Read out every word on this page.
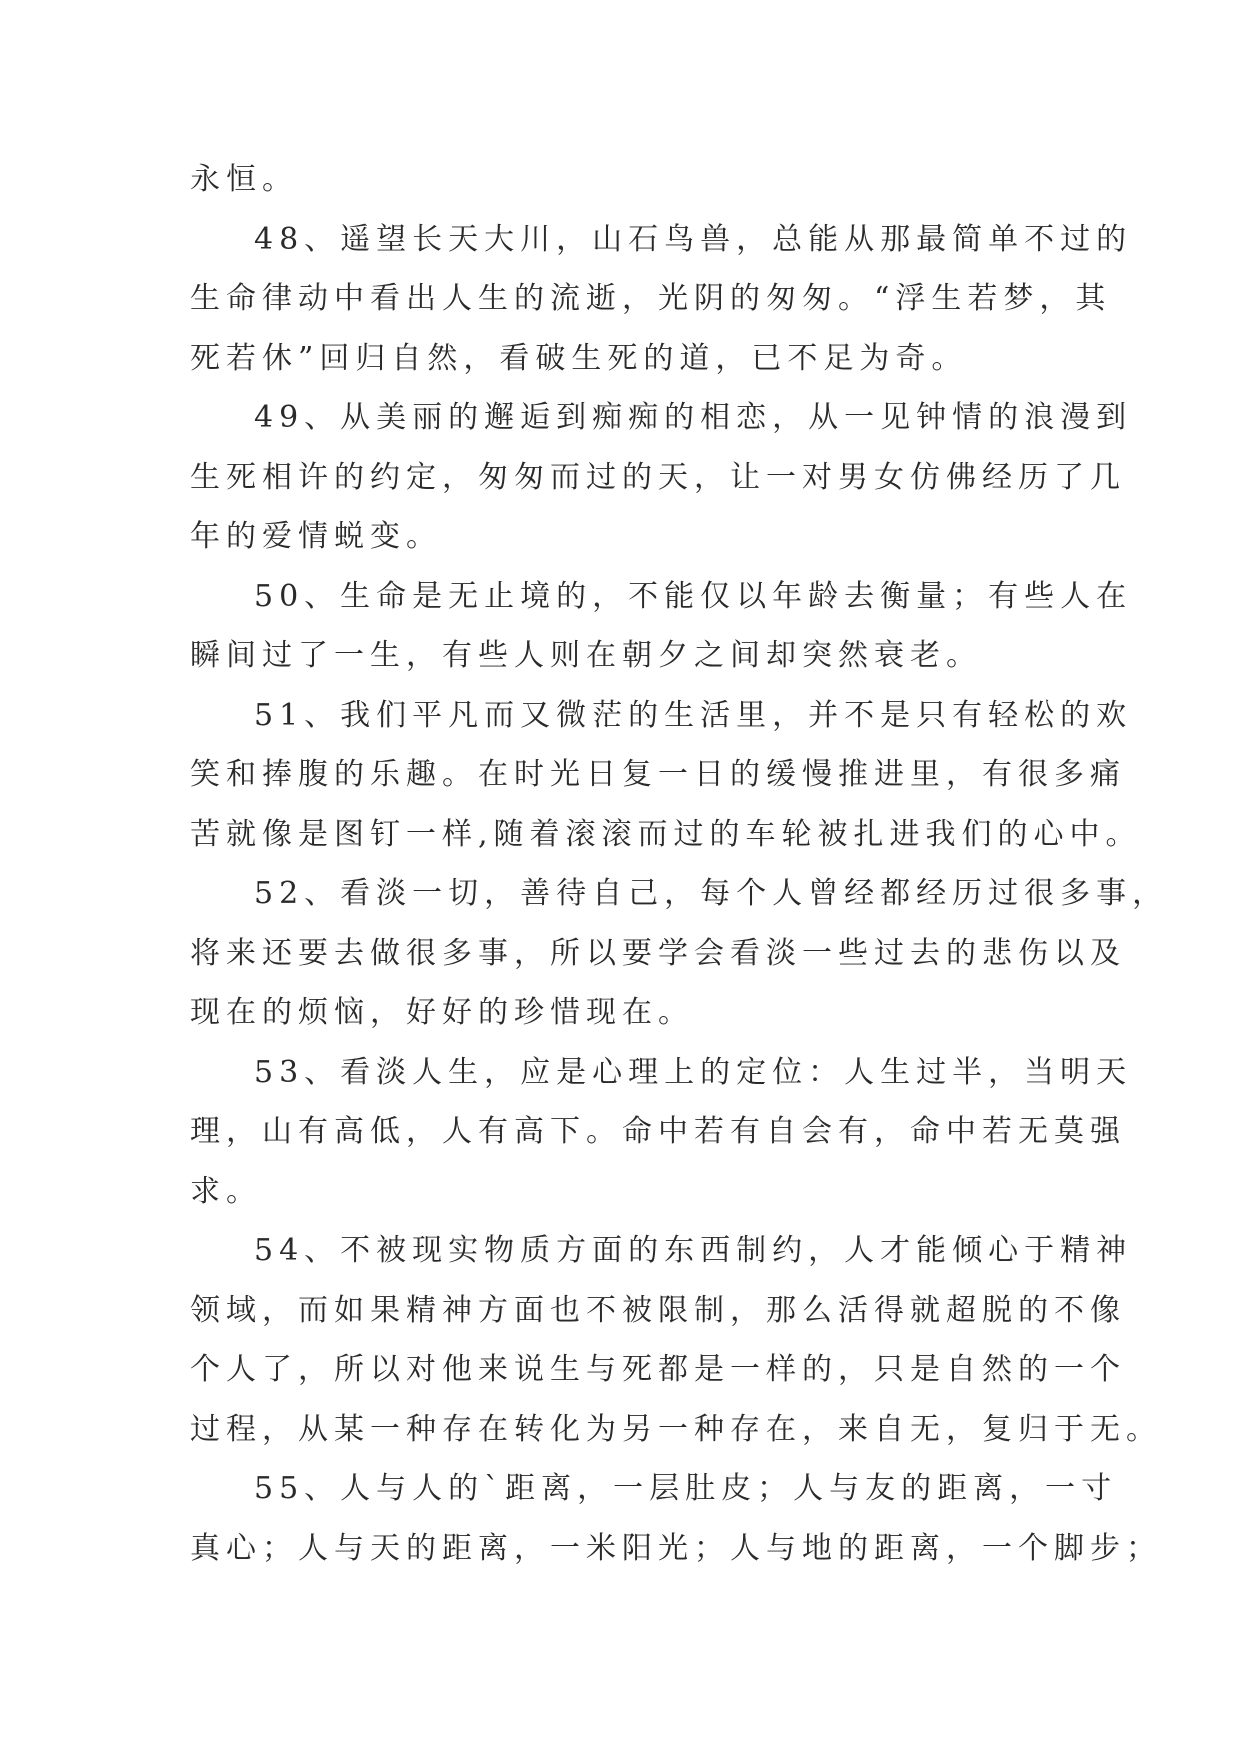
永恒。
48、遥望长天大川，山石鸟兽，总能从那最简单不过的
生命律动中看出人生的流逝，光阴的匆匆。“浮生若梦，其
死若休”回归自然，看破生死的道，已不足为奇。
49、从美丽的邂逅到痴痴的相恋，从一见钟情的浪漫到
生死相许的约定，匆匆而过的天，让一对男女仿佛经历了几
年的爱情蜕变。
50、生命是无止境的，不能仅以年龄去衡量；有些人在
瞬间过了一生，有些人则在朝夕之间却突然衰老。
51、我们平凡而又微茫的生活里，并不是只有轻松的欢
笑和捧腹的乐趣。在时光日复一日的缓慢推进里，有很多痛
苦就像是图钉一样,随着滚滚而过的车轮被扎进我们的心中。
52、看淡一切，善待自己，每个人曾经都经历过很多事，
将来还要去做很多事，所以要学会看淡一些过去的悲伤以及
现在的烦恼，好好的珍惜现在。
53、看淡人生，应是心理上的定位：人生过半，当明天
理，山有高低，人有高下。命中若有自会有，命中若无莫强
求。
54、不被现实物质方面的东西制约，人才能倾心于精神
领域，而如果精神方面也不被限制，那么活得就超脱的不像
个人了，所以对他来说生与死都是一样的，只是自然的一个
过程，从某一种存在转化为另一种存在，来自无，复归于无。
55、人与人的`距离，一层肚皮；人与友的距离，一寸
真心；人与天的距离，一米阳光；人与地的距离，一个脚步；
